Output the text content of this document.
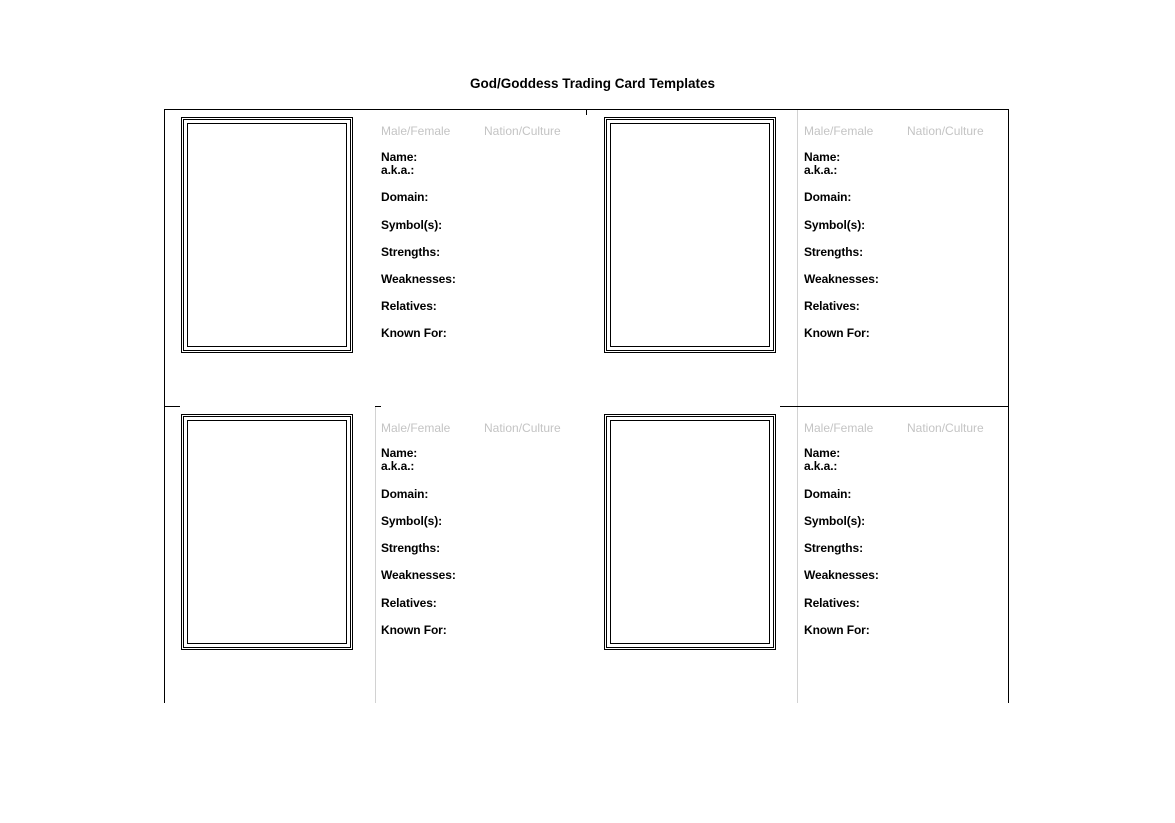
God/Goddess Trading Card Templates
Male/Female	Nation/Culture
Name:
a.k.a.:
Domain:
Symbol(s):
Strengths:
Weaknesses:
Relatives:
Known For:
Male/Female	Nation/Culture
Name:
a.k.a.:
Domain:
Symbol(s):
Strengths:
Weaknesses:
Relatives:
Known For:
Male/Female	Nation/Culture
Name:
a.k.a.:
Domain:
Symbol(s):
Strengths:
Weaknesses:
Relatives:
Known For:
Male/Female	Nation/Culture
Name:
a.k.a.:
Domain:
Symbol(s):
Strengths:
Weaknesses:
Relatives:
Known For:
